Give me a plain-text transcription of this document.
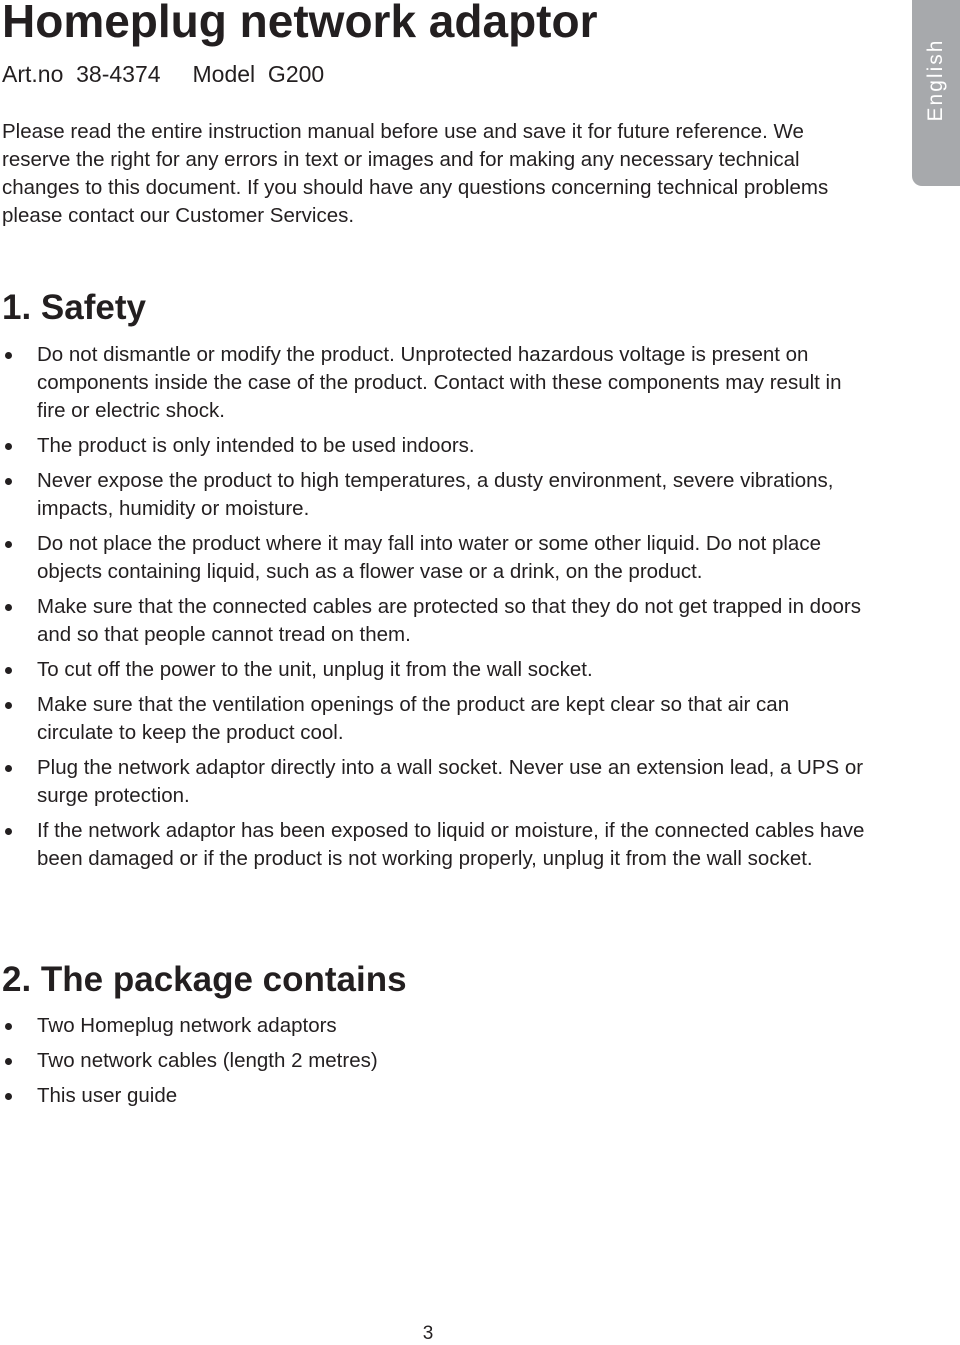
Homeplug network adaptor
Art.no  38-4374     Model  G200

Please read the entire instruction manual before use and save it for future reference. We reserve the right for any errors in text or images and for making any necessary technical changes to this document. If you should have any questions concerning technical problems please contact our Customer Services.

English
1. Safety
Do not dismantle or modify the product. Unprotected hazardous voltage is present on components inside the case of the product. Contact with these components may result in fire or electric shock.
The product is only intended to be used indoors.
Never expose the product to high temperatures, a dusty environment, severe vibrations, impacts, humidity or moisture.
Do not place the product where it may fall into water or some other liquid. Do not place objects containing liquid, such as a flower vase or a drink, on the product.
Make sure that the connected cables are protected so that they do not get trapped in doors and so that people cannot tread on them.
To cut off the power to the unit, unplug it from the wall socket.
Make sure that the ventilation openings of the product are kept clear so that air can circulate to keep the product cool.
Plug the network adaptor directly into a wall socket. Never use an extension lead, a UPS or surge protection.
If the network adaptor has been exposed to liquid or moisture, if the connected cables have been damaged or if the product is not working properly, unplug it from the wall socket.
2. The package contains
Two Homeplug network adaptors
Two network cables (length 2 metres)
This user guide
3
